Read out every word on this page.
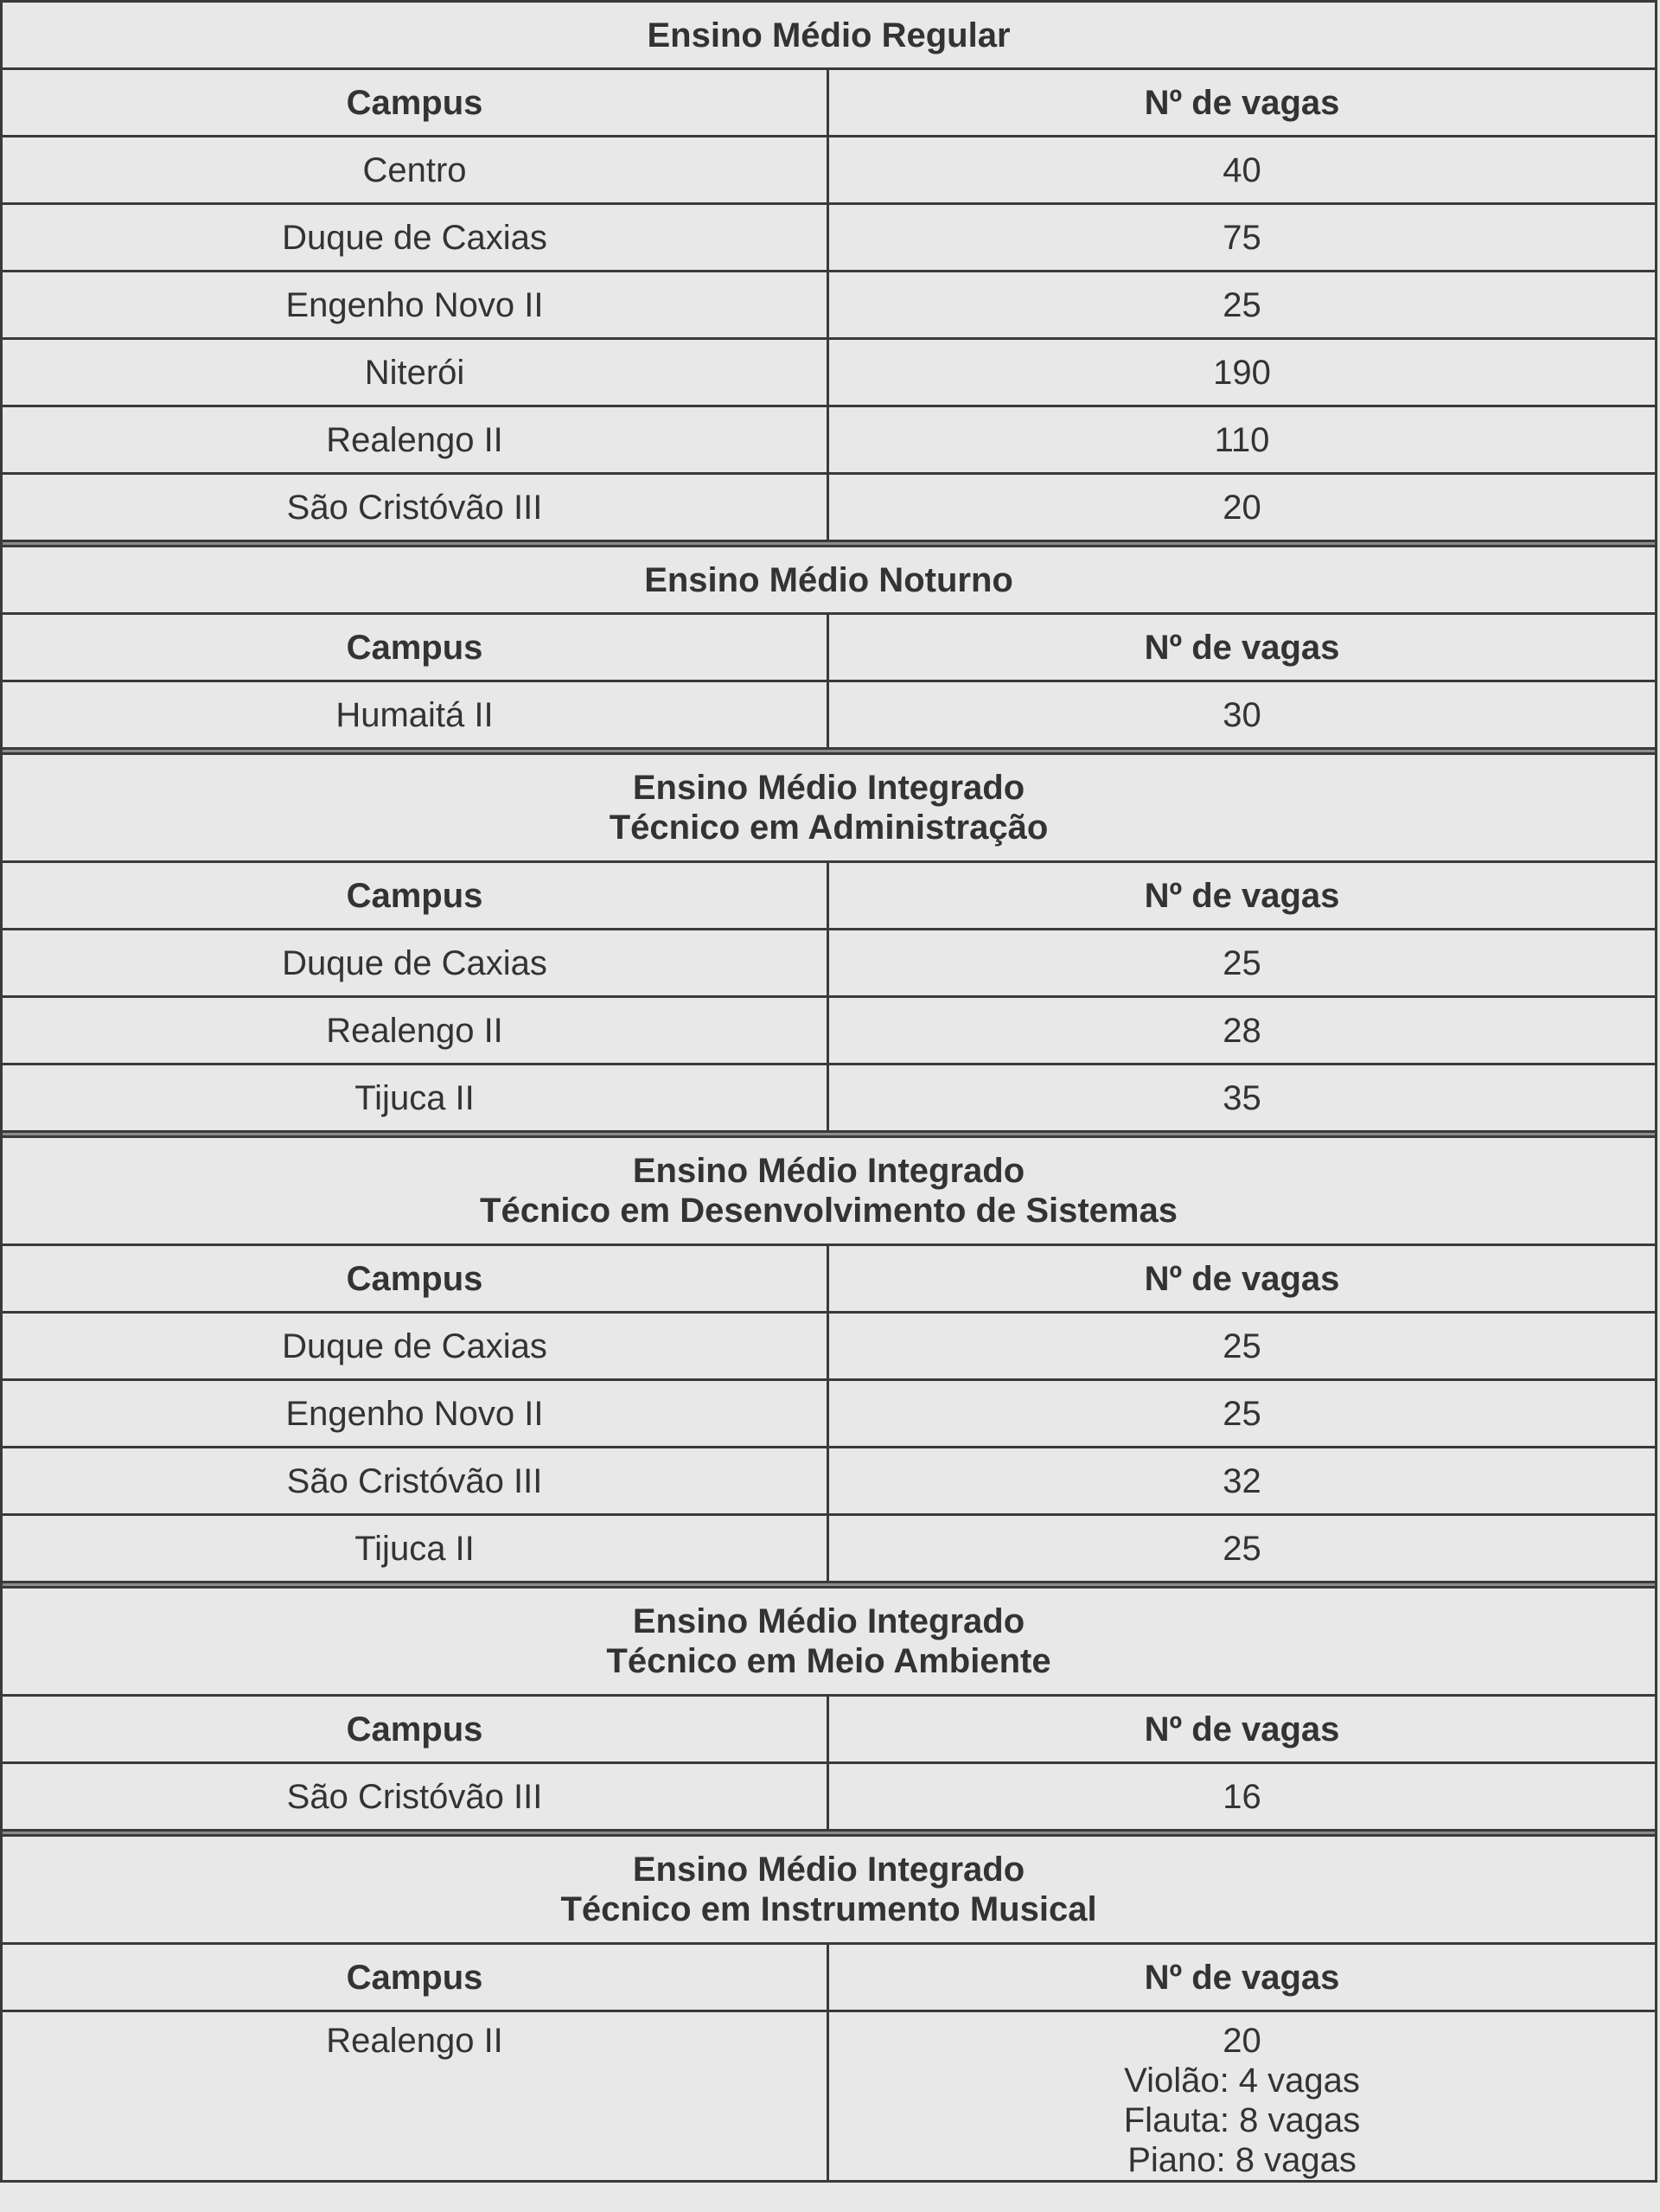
Ensino Médio Regular	

Campus	Nº de vagas
Centro	40
Duque de Caxias	75
Engenho Novo II	25
Niterói	190
Realengo II	110
São Cristóvão III	20

Ensino Médio Noturno	

Campus	Nº de vagas
Humaitá II	30

Ensino Médio Integrado
Técnico em Administração	

Campus	Nº de vagas
Duque de Caxias	25
Realengo II	28
Tijuca II	35

Ensino Médio Integrado
Técnico em Desenvolvimento de Sistemas	

Campus	Nº de vagas
Duque de Caxias	25
Engenho Novo II	25
São Cristóvão III	32
Tijuca II	25

Ensino Médio Integrado
Técnico em Meio Ambiente	

Campus	Nº de vagas
São Cristóvão III	16

Ensino Médio Integrado
Técnico em Instrumento Musical	

Campus	Nº de vagas
Realengo II	20
Violão: 4 vagas
Flauta: 8 vagas
Piano: 8 vagas
